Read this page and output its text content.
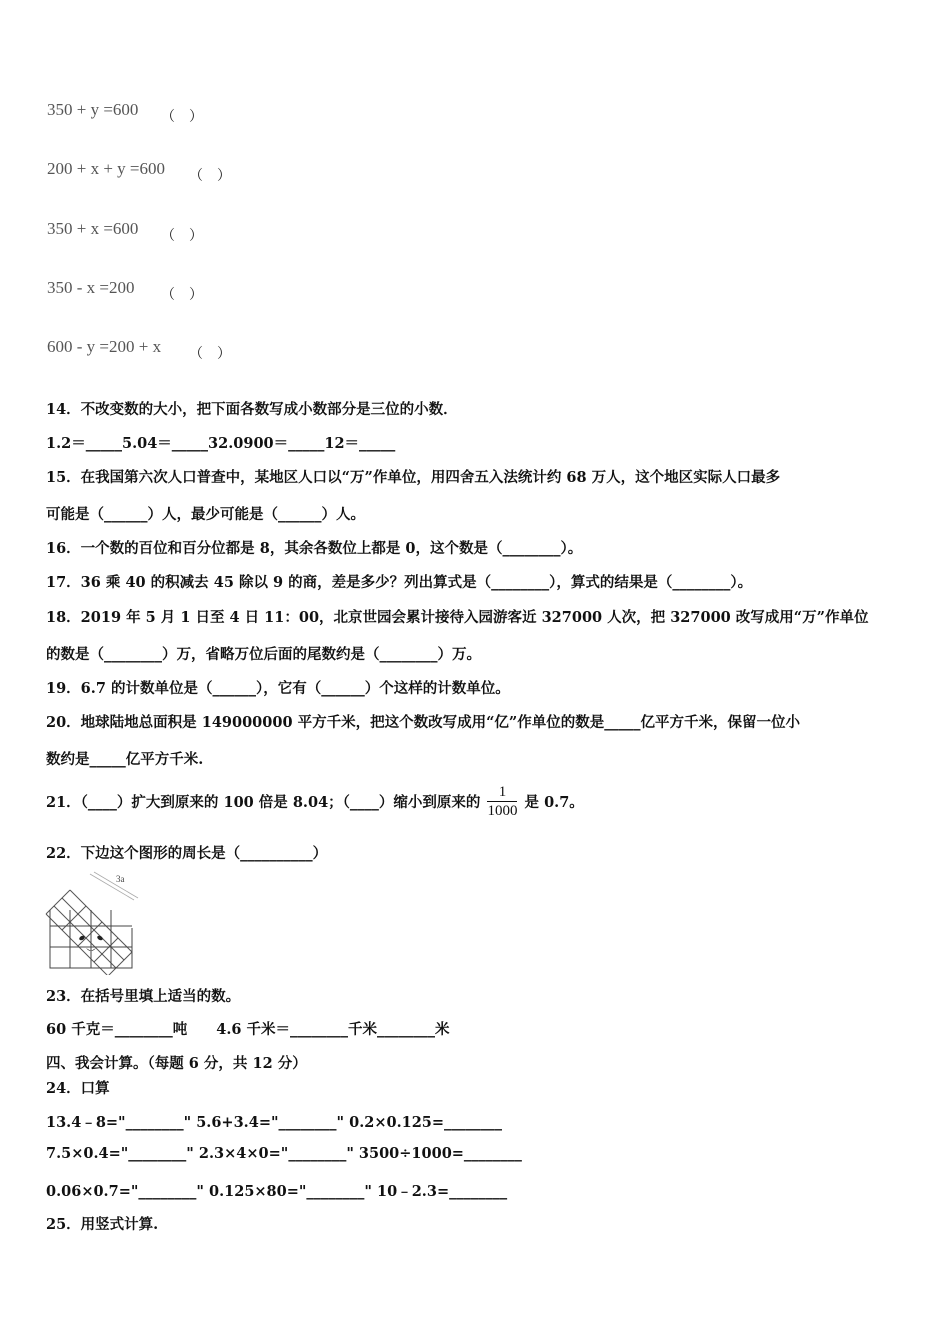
350 + y =600 （　）
200 + x + y =600 （　）
350 + x =600 （　）
350 - x =200 （　）
600 - y =200 + x （　）
14．不改变数的大小，把下面各数写成小数部分是三位的小数．
1.2＝_____5.04＝_____32.0900＝_____12＝_____
15．在我国第六次人口普查中，某地区人口以“万”作单位，用四舍五入法统计约 68 万人，这个地区实际人口最多
可能是（______）人，最少可能是（______）人。
16．一个数的百位和百分位都是 8，其余各数位上都是 0，这个数是（________）。
17．36 乘 40 的积减去 45 除以 9 的商，差是多少？列出算式是（________），算式的结果是（________）。
18．2019 年 5 月 1 日至 4 日 11：00，北京世园会累计接待入园游客近 327000 人次，把 327000 改写成用“万”作单位
的数是（________）万，省略万位后面的尾数约是（________）万。
19．6.7 的计数单位是（______），它有（______）个这样的计数单位。
20．地球陆地总面积是 149000000 平方千米，把这个数改写成用“亿”作单位的数是_____亿平方千米，保留一位小
数约是_____亿平方千米.
21．（____）扩大到原来的 100 倍是 8.04；（____）缩小到原来的 $\frac{1}{1000}$ 是 0.7。
22．下边这个图形的周长是（__________）
3a
23．在括号里填上适当的数。
60 千克＝________吨　　4.6 千米＝________千米________米
四、我会计算。（每题 6 分，共 12 分）
24．口算
13.4﹣8="________" 5.6+3.4="________" 0.2×0.125=________
7.5×0.4="________" 2.3×4×0="________" 3500÷1000=________
0.06×0.7="________" 0.125×80="________" 10﹣2.3=________
25．用竖式计算.
